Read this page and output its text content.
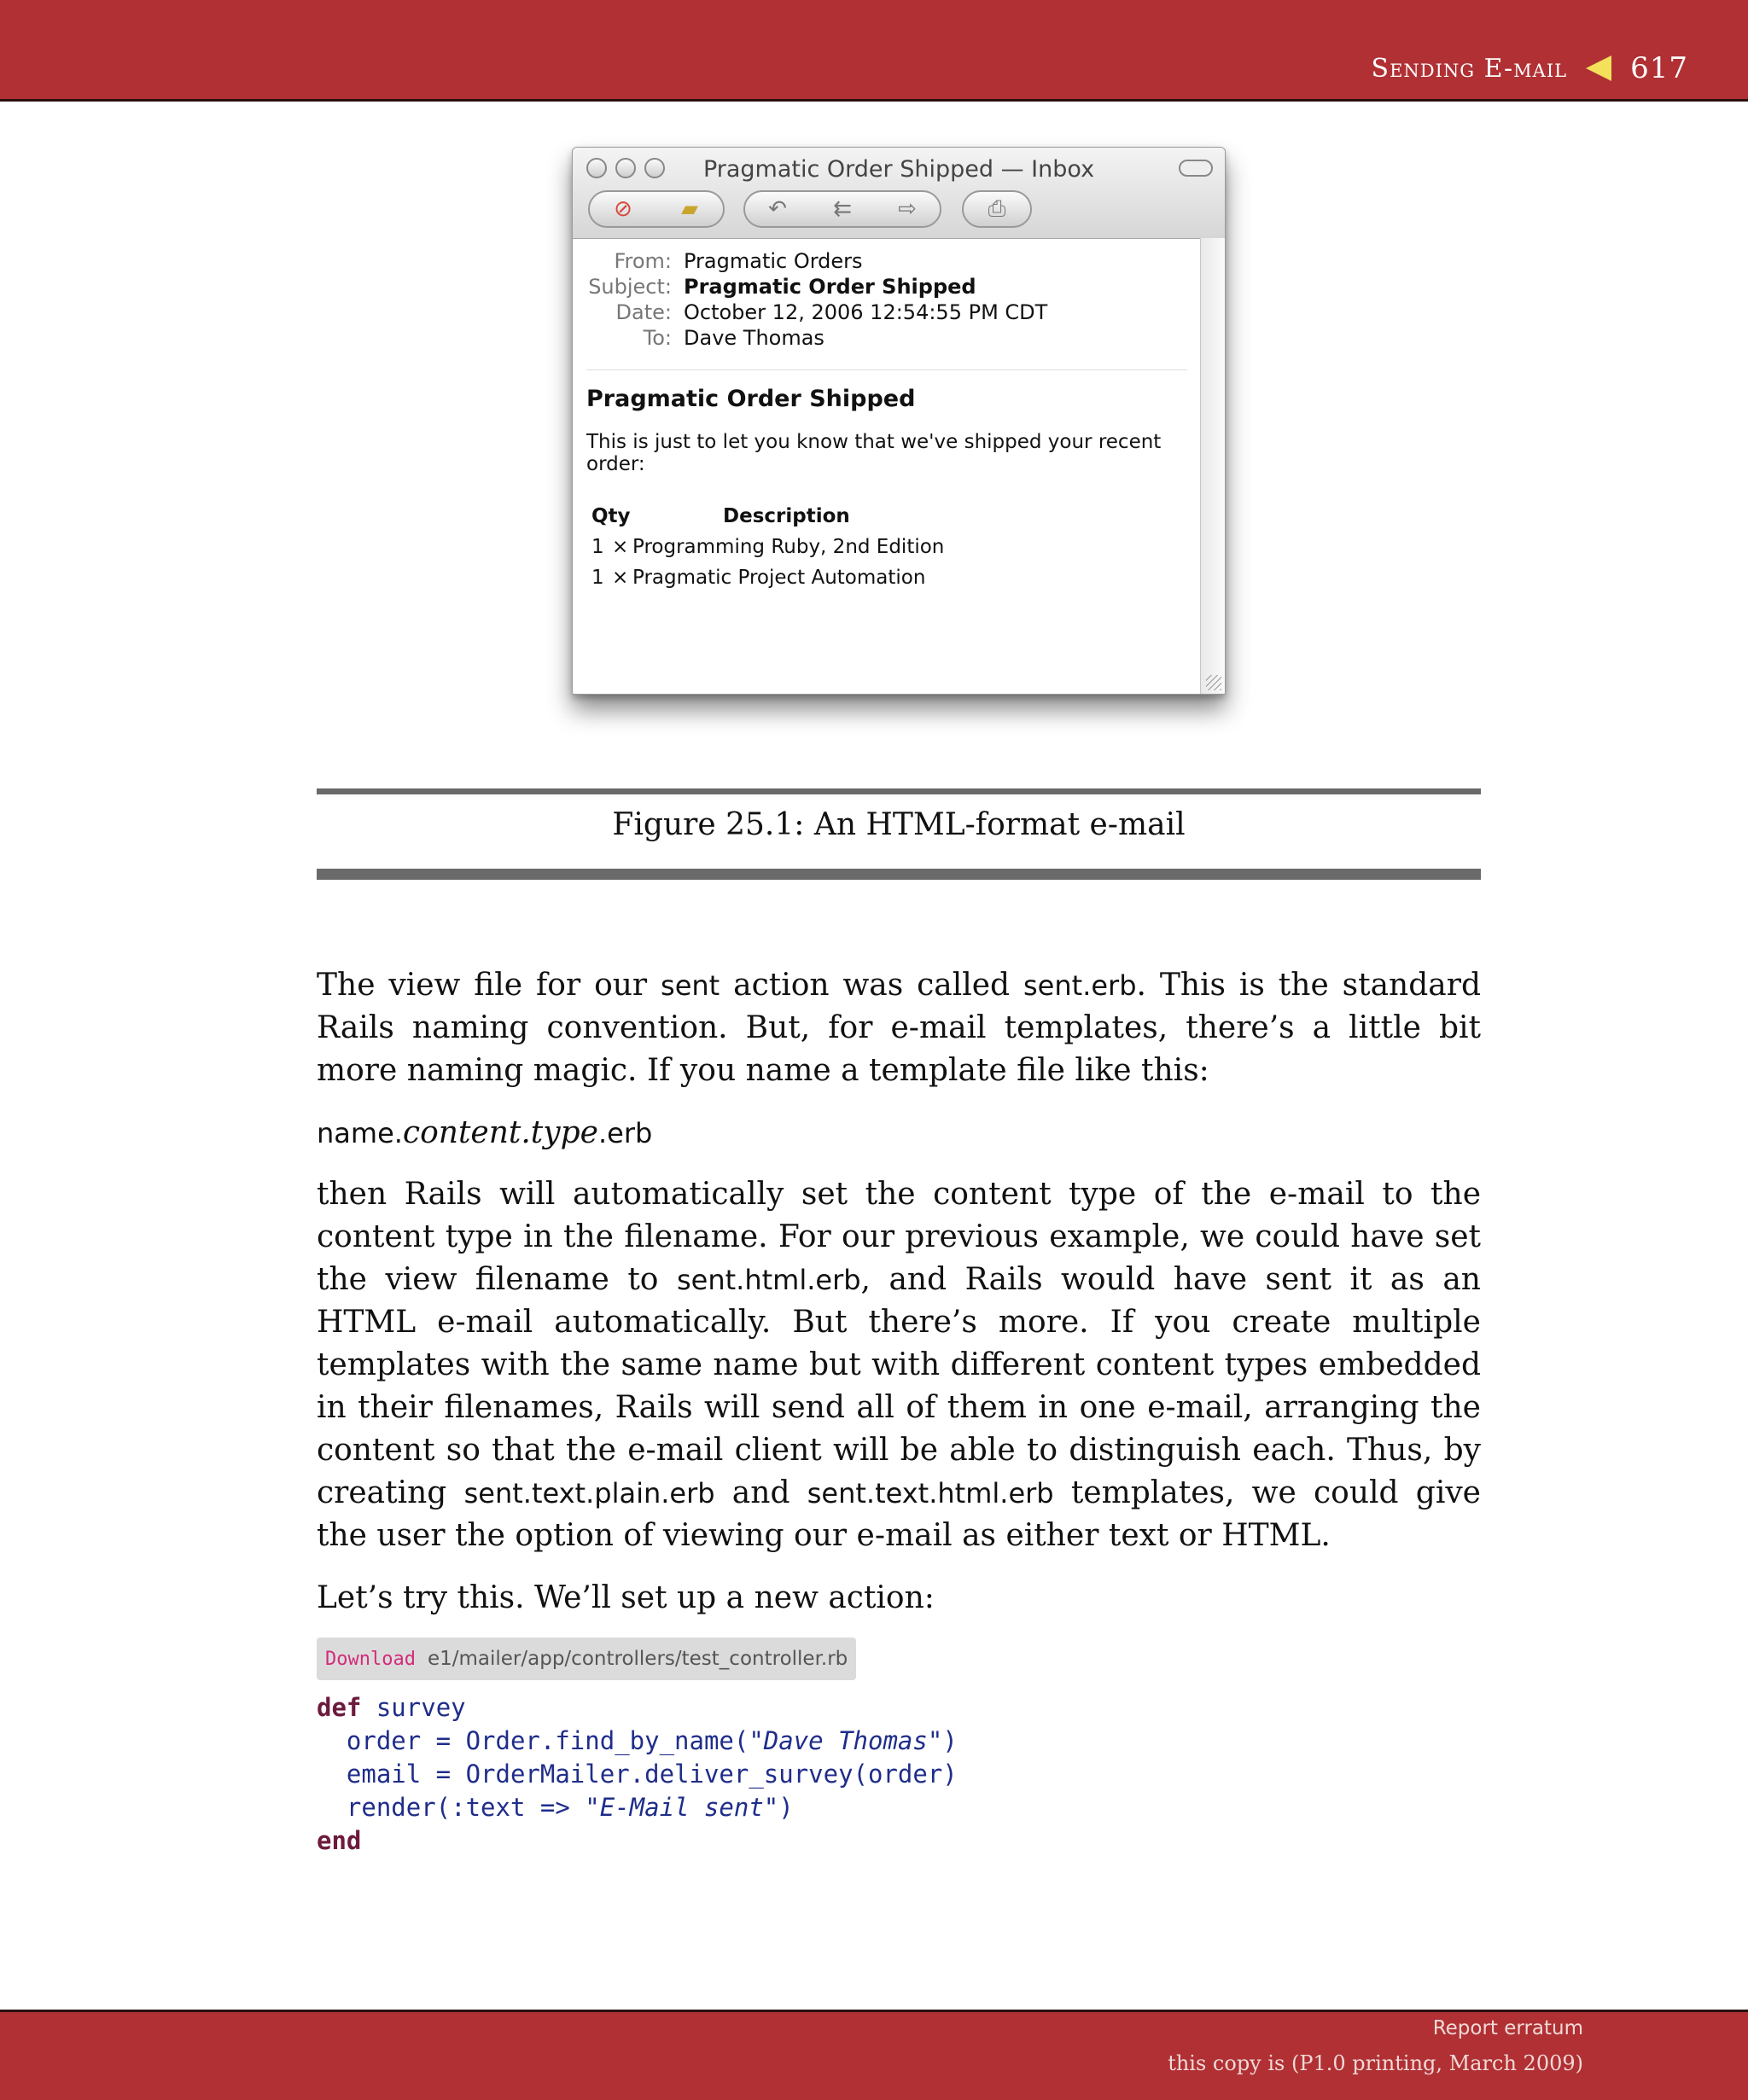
Sending E-mail 617
Pragmatic Order Shipped — Inbox
⊘	▰	↶	⇇	⇨	⎙
From: Pragmatic Orders
Subject: Pragmatic Order Shipped
Date: October 12, 2006 12:54:55 PM CDT
To: Dave Thomas
Pragmatic Order Shipped
This is just to let you know that we've shipped your recent order:
Qty	Description
1 × Programming Ruby, 2nd Edition
1 × Pragmatic Project Automation
Figure 25.1: An HTML-format e-mail
The view file for our sent action was called sent.erb. This is the standard Rails naming convention. But, for e-mail templates, there’s a little bit more naming magic. If you name a template file like this:
name.content.type.erb
then Rails will automatically set the content type of the e-mail to the content type in the filename. For our previous example, we could have set the view filename to sent.html.erb, and Rails would have sent it as an HTML e-mail automatically. But there’s more. If you create multiple templates with the same name but with different content types embedded in their filenames, Rails will send all of them in one e-mail, arranging the content so that the e-mail client will be able to distinguish each. Thus, by creating sent.text.plain.erb and sent.text.html.erb templates, we could give the user the option of viewing our e-mail as either text or HTML.
Let’s try this. We’ll set up a new action:
Download e1/mailer/app/controllers/test_controller.rb
def survey
order = Order.find_by_name("Dave Thomas")
email = OrderMailer.deliver_survey(order)
render(:text => "E-Mail sent")
end
Report erratum
this copy is (P1.0 printing, March 2009)
